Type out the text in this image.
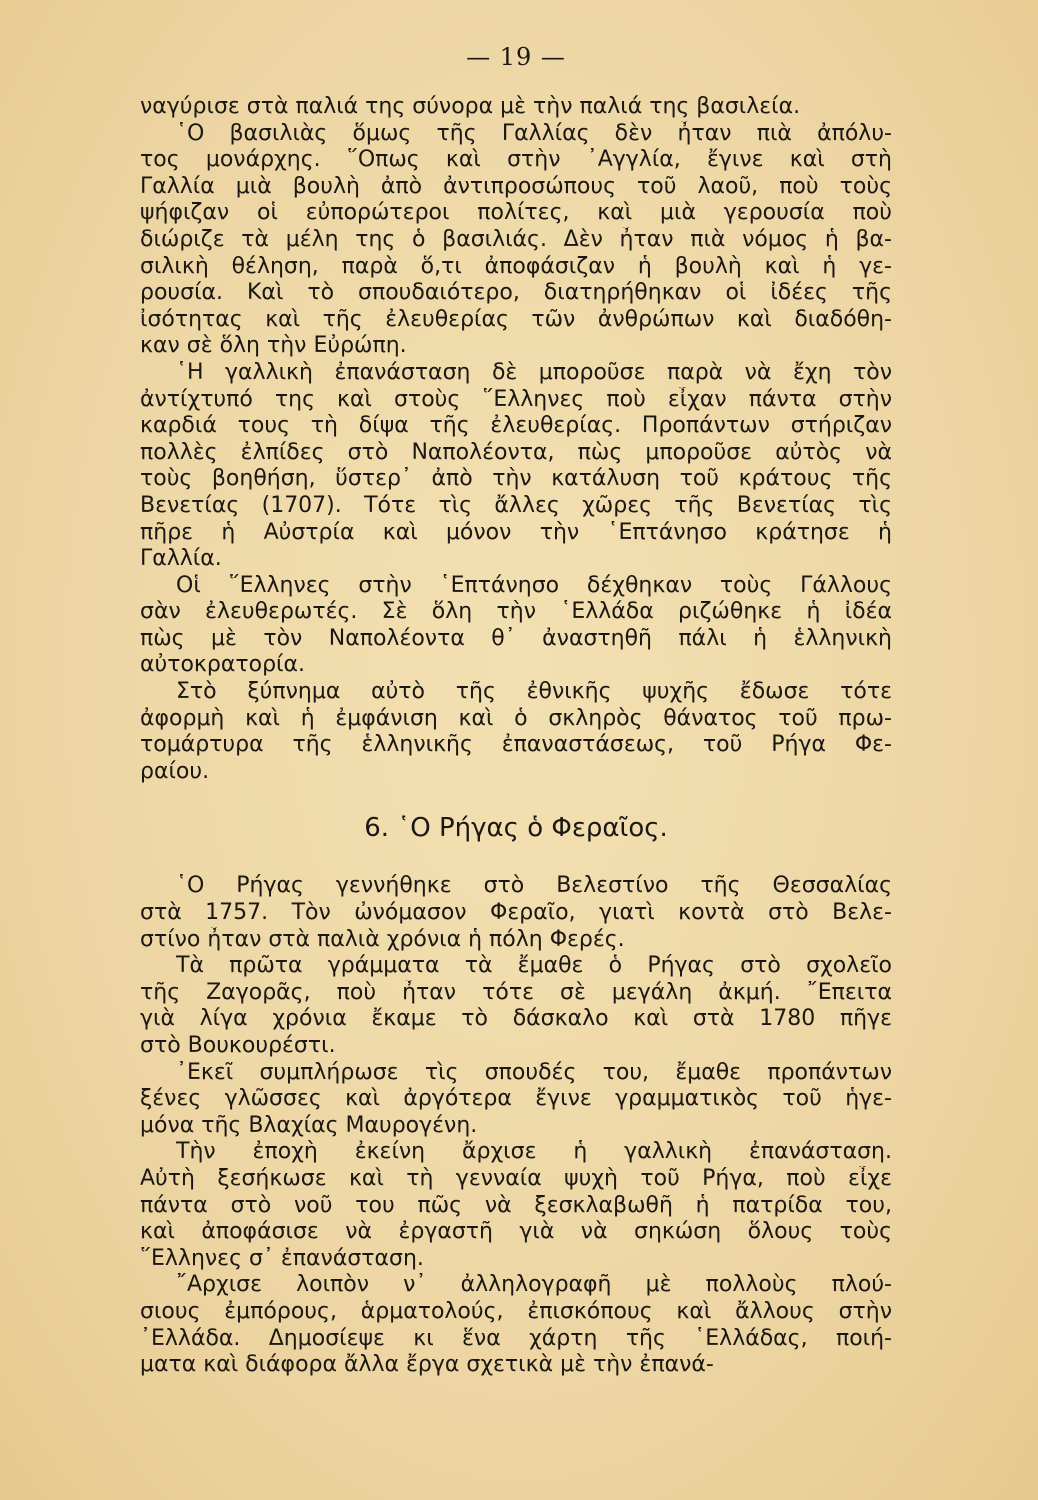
— 19 —
ναγύρισε στὰ παλιά της σύνορα μὲ τὴν παλιά της βασιλεία.
῾Ο βασιλιὰς ὅμως τῆς Γαλλίας δὲν ἦταν πιὰ ἀπόλυ-
τος μονάρχης. ῞Οπως καὶ στὴν ᾿Αγγλία, ἔγινε καὶ στὴ
Γαλλία μιὰ βουλὴ ἀπὸ ἀντιπροσώπους τοῦ λαοῦ, ποὺ τοὺς
ψήφιζαν οἱ εὐπορώτεροι πολίτες, καὶ μιὰ γερουσία ποὺ
διώριζε τὰ μέλη της ὁ βασιλιάς. Δὲν ἦταν πιὰ νόμος ἡ βα-
σιλικὴ θέληση, παρὰ ὅ,τι ἀποφάσιζαν ἡ βουλὴ καὶ ἡ γε-
ρουσία. Καὶ τὸ σπουδαιότερο, διατηρήθηκαν οἱ ἰδέες τῆς
ἰσότητας καὶ τῆς ἐλευθερίας τῶν ἀνθρώπων καὶ διαδόθη-
καν σὲ ὅλη τὴν Εὐρώπη.
῾Η γαλλικὴ ἐπανάσταση δὲ μποροῦσε παρὰ νὰ ἔχη τὸν
ἀντίχτυπό της καὶ στοὺς ῞Ελληνες ποὺ εἶχαν πάντα στὴν
καρδιά τους τὴ δίψα τῆς ἐλευθερίας. Προπάντων στήριζαν
πολλὲς ἐλπίδες στὸ Ναπολέοντα, πὼς μποροῦσε αὐτὸς νὰ
τοὺς βοηθήση, ὕστερ᾿ ἀπὸ τὴν κατάλυση τοῦ κράτους τῆς
Βενετίας (1707). Τότε τὶς ἄλλες χῶρες τῆς Βενετίας τὶς
πῆρε ἡ Αὐστρία καὶ μόνον τὴν ῾Επτάνησο κράτησε ἡ
Γαλλία.
Οἱ ῞Ελληνες στὴν ῾Επτάνησο δέχθηκαν τοὺς Γάλλους
σὰν ἐλευθερωτές. Σὲ ὅλη τὴν ῾Ελλάδα ριζώθηκε ἡ ἰδέα
πὼς μὲ τὸν Ναπολέοντα θ᾿ ἀναστηθῆ πάλι ἡ ἑλληνικὴ
αὐτοκρατορία.
Στὸ ξύπνημα αὐτὸ τῆς ἐθνικῆς ψυχῆς ἔδωσε τότε
ἀφορμὴ καὶ ἡ ἐμφάνιση καὶ ὁ σκληρὸς θάνατος τοῦ πρω-
τομάρτυρα τῆς ἑλληνικῆς ἐπαναστάσεως, τοῦ Ρήγα Φε-
ραίου.
6. ῾Ο Ρήγας ὁ Φεραῖος.
῾Ο Ρήγας γεννήθηκε στὸ Βελεστίνο τῆς Θεσσαλίας
στὰ 1757. Τὸν ὠνόμασον Φεραῖο, γιατὶ κοντὰ στὸ Βελε-
στίνο ἦταν στὰ παλιὰ χρόνια ἡ πόλη Φερές.
Τὰ πρῶτα γράμματα τὰ ἔμαθε ὁ Ρήγας στὸ σχολεῖο
τῆς Ζαγορᾶς, ποὺ ἦταν τότε σὲ μεγάλη ἀκμή. ῎Επειτα
γιὰ λίγα χρόνια ἔκαμε τὸ δάσκαλο καὶ στὰ 1780 πῆγε
στὸ Βουκουρέστι.
᾿Εκεῖ συμπλήρωσε τὶς σπουδές του, ἔμαθε προπάντων
ξένες γλῶσσες καὶ ἀργότερα ἔγινε γραμματικὸς τοῦ ἡγε-
μόνα τῆς Βλαχίας Μαυρογένη.
Τὴν ἐποχὴ ἐκείνη ἄρχισε ἡ γαλλικὴ ἐπανάσταση.
Αὐτὴ ξεσήκωσε καὶ τὴ γενναία ψυχὴ τοῦ Ρήγα, ποὺ εἶχε
πάντα στὸ νοῦ του πῶς νὰ ξεσκλαβωθῆ ἡ πατρίδα του,
καὶ ἀποφάσισε νὰ ἐργαστῆ γιὰ νὰ σηκώση ὅλους τοὺς
῞Ελληνες σ᾿ ἐπανάσταση.
῎Αρχισε λοιπὸν ν᾿ ἀλληλογραφῆ μὲ πολλοὺς πλού-
σιους ἐμπόρους, ἁρματολούς, ἐπισκόπους καὶ ἄλλους στὴν
᾿Ελλάδα. Δημοσίεψε κι ἕνα χάρτη τῆς ῾Ελλάδας, ποιή-
ματα καὶ διάφορα ἄλλα ἔργα σχετικὰ μὲ τὴν ἐπανά-
